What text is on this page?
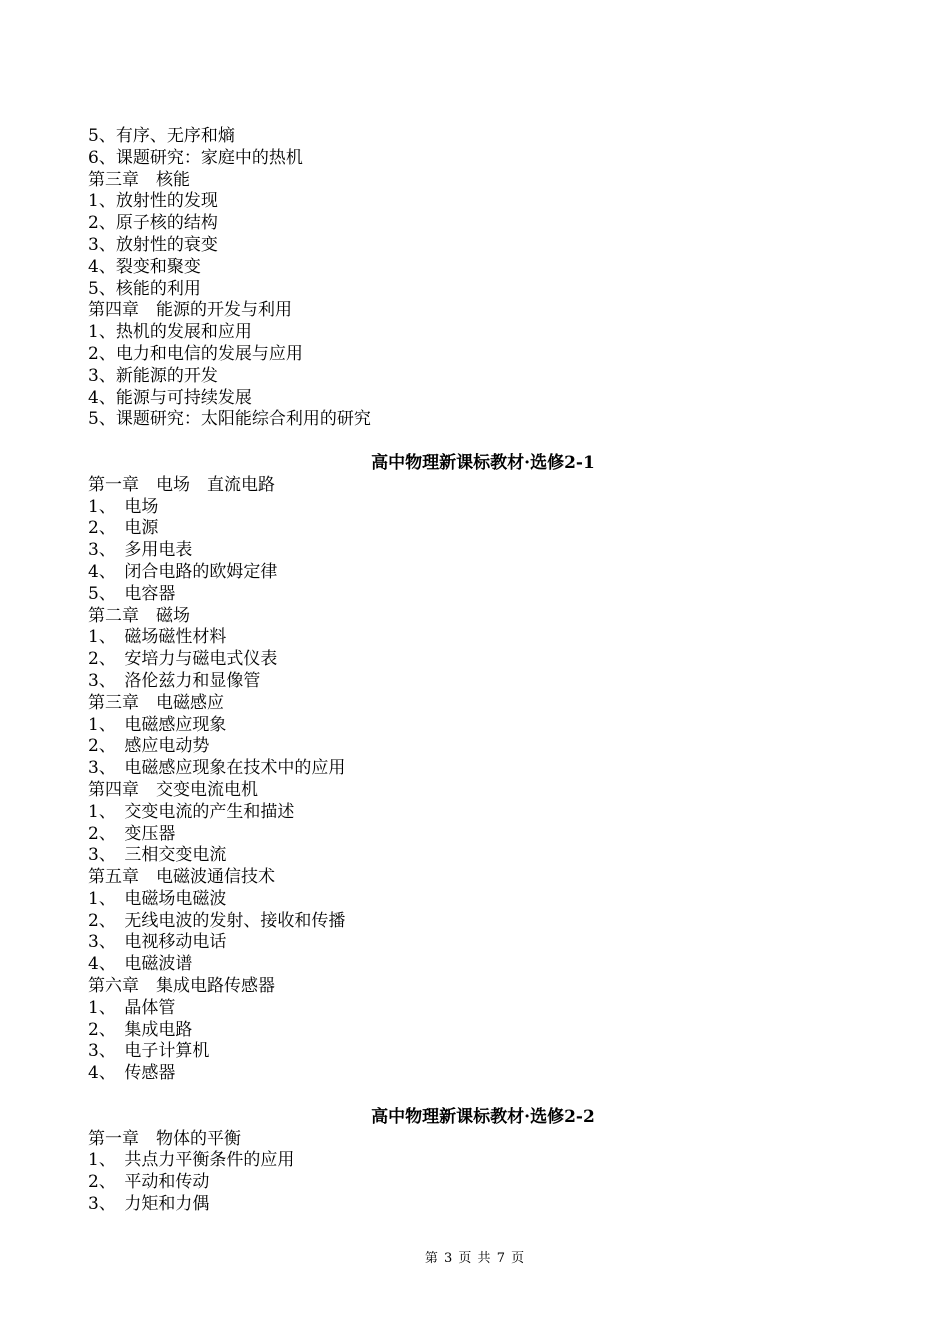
5、有序、无序和熵
6、课题研究：家庭中的热机
第三章　核能
1、放射性的发现
2、原子核的结构
3、放射性的衰变
4、裂变和聚变
5、核能的利用
第四章　能源的开发与利用
1、热机的发展和应用
2、电力和电信的发展与应用
3、新能源的开发
4、能源与可持续发展
5、课题研究：太阳能综合利用的研究
高中物理新课标教材·选修2-1
第一章　电场　直流电路
1、　电场
2、　电源
3、　多用电表
4、　闭合电路的欧姆定律
5、　电容器
第二章　磁场
1、　磁场磁性材料
2、　安培力与磁电式仪表
3、　洛伦兹力和显像管
第三章　电磁感应
1、　电磁感应现象
2、　感应电动势
3、　电磁感应现象在技术中的应用
第四章　交变电流电机
1、　交变电流的产生和描述
2、　变压器
3、　三相交变电流
第五章　电磁波通信技术
1、　电磁场电磁波
2、　无线电波的发射、接收和传播
3、　电视移动电话
4、　电磁波谱
第六章　集成电路传感器
1、　晶体管
2、　集成电路
3、　电子计算机
4、　传感器
高中物理新课标教材·选修2-2
第一章　物体的平衡
1、　共点力平衡条件的应用
2、　平动和传动
3、　力矩和力偶
第 3 页 共 7 页
